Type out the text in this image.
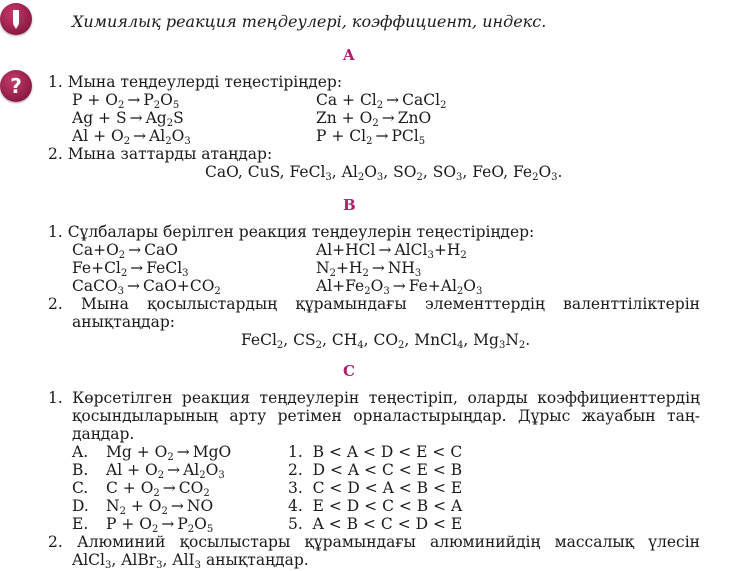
?
Химиялық реакция теңдеулері, коэффициент, индекс.
A
1. Мына теңдеулерді теңестіріңдер:
$P + O_2 \to P_2O_5$
$Ag + S \to Ag_2S$
$Al + O_2 \to Al_2O_3$
$Ca + Cl_2$ → CaCl$_2$
$Zn + O_2$ → ZnO
$P + Cl_2 \to PCl_5$
2. Мына заттарды атаңдар:
CaO, CuS, FeCl$_3$, $Al_2O_3$, $SO_2$, $SO_3$, FeO, $Fe_2O_3$.
B
1. Сұлбалары берілген реакция теңдеулерін теңестіріңдер:
$Ca+O_2$ → CaO
$Fe+Cl_2$ → FeCl$_3$
CaCO$_3$ → $CaO+CO_2$
$Al+HCl \to AlCl_3+H_2$
$N_2+H_2 \to NH_3$
$Al+Fe_2O_3 \to Fe+Al_2O_3$
2. Мына қосылыстардың құрамындағы элементтердің валенттіліктерін
анықтаңдар:
FeCl$_2$, $CS_2$, $CH_4$, $CO_2$, MnCl$_4$, $Mg_3N_2$.
C
1. Көрсетілген реакция теңдеулерін теңестіріп, оларды коэффициенттердің
қосындыларының арту ретімен орналастырыңдар. Дұрыс жауабын таң-
даңдар.
A.
B.
C.
D.
E.
$Mg + O_2$ → MgO
$Al + O_2 \to Al_2O_3$
$C + O_2 \to CO_2$
$N_2 + O_2$ → NO
$P + O_2 \to P_2O_5$
1.  B < A < D < E < C
2.  D < A < C < E < B
3.  C < D < A < B < E
4.  E < D < C < B < A
5.  A < B < C < D < E
2. Алюминий қосылыстары құрамындағы алюминийдің массалық үлесін
AlCl$_3$, AlBr$_3$, AlI$_3$ анықтаңдар.
